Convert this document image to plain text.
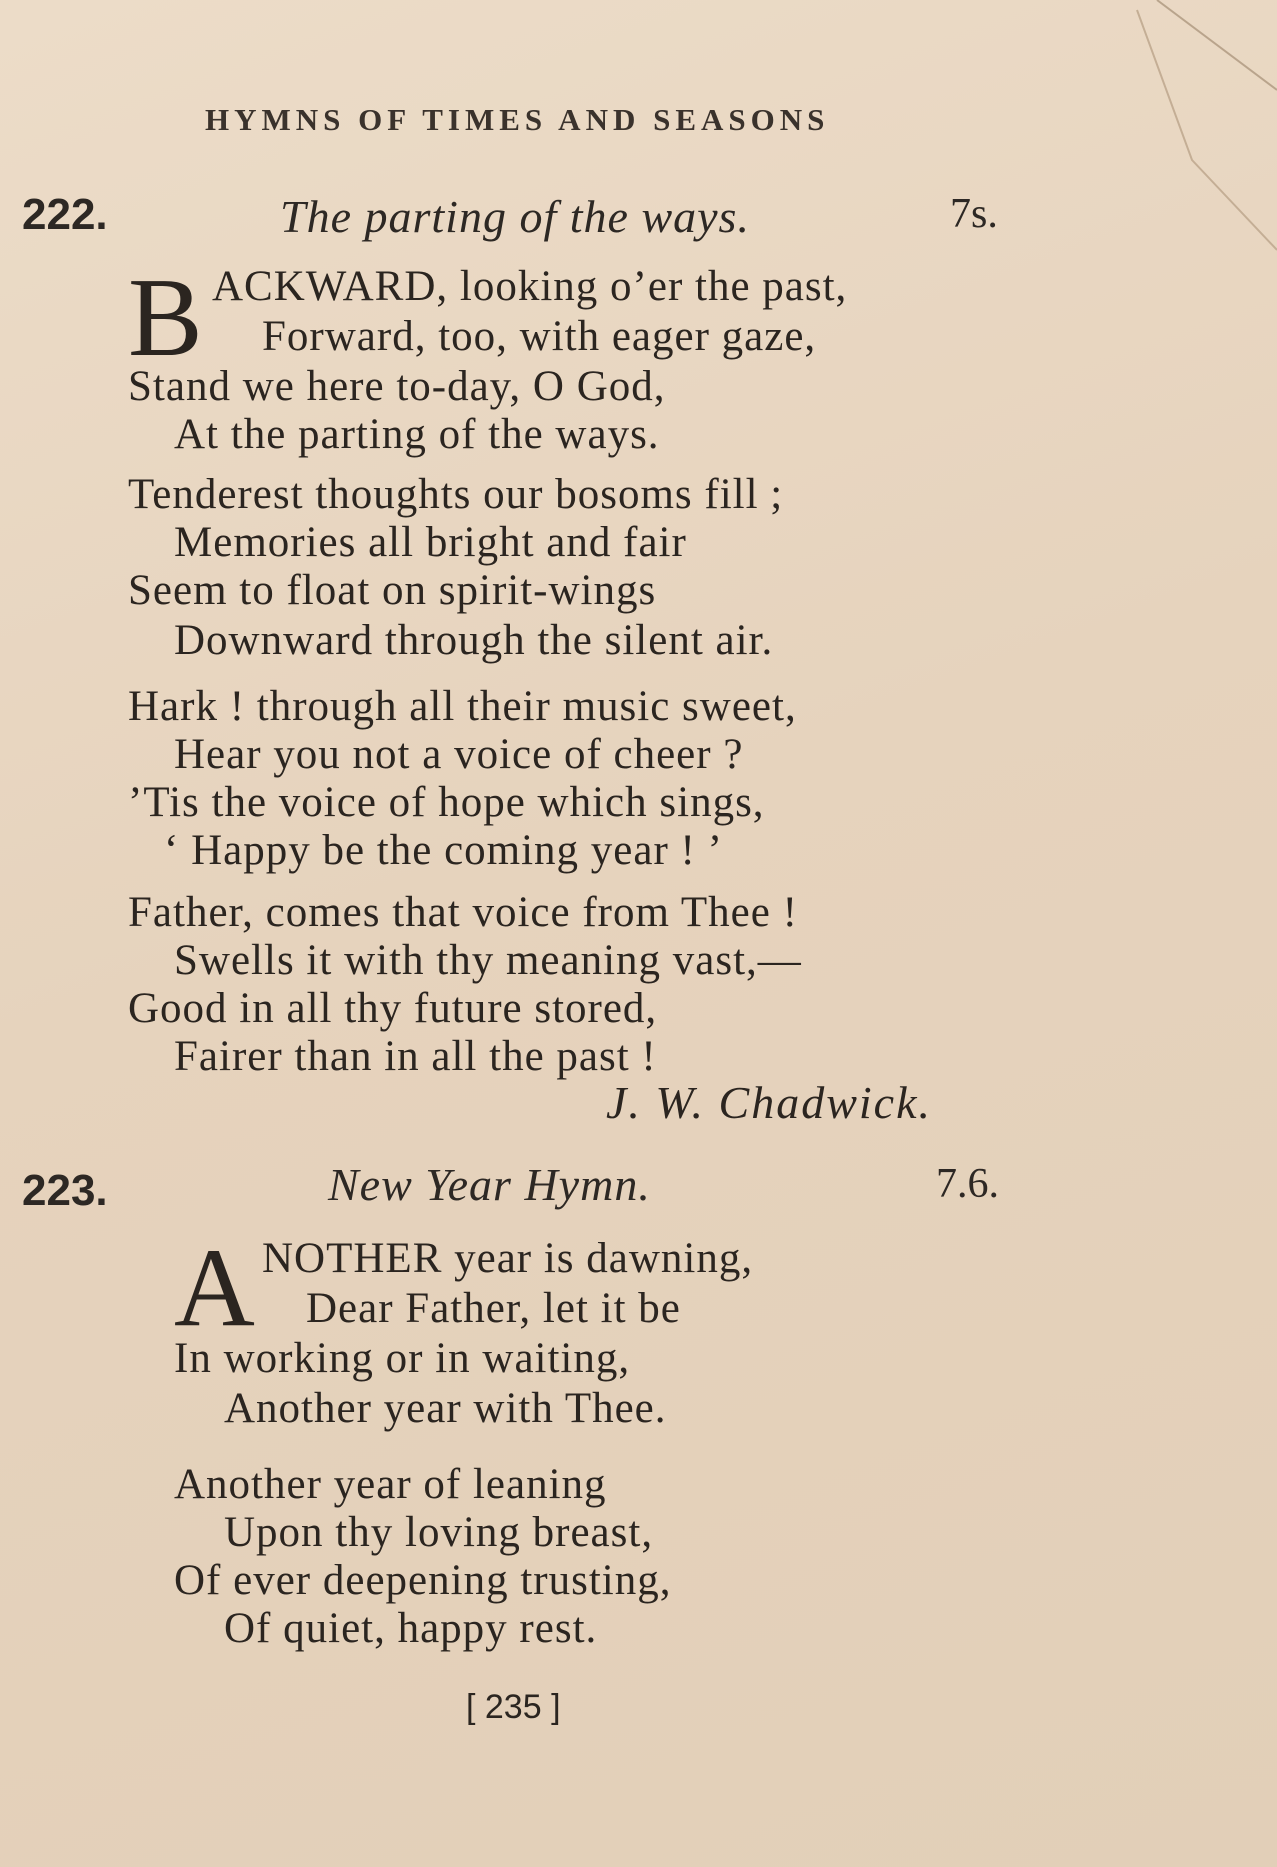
HYMNS OF TIMES AND SEASONS
222.	The parting of the ways.	7s.
B ACKWARD, looking o’er the past,
Forward, too, with eager gaze,
Stand we here to-day, O God,
At the parting of the ways.
Tenderest thoughts our bosoms fill ;
Memories all bright and fair
Seem to float on spirit-wings
Downward through the silent air.
Hark ! through all their music sweet,
Hear you not a voice of cheer ?
’Tis the voice of hope which sings,
‘ Happy be the coming year ! ’
Father, comes that voice from Thee !
Swells it with thy meaning vast,—
Good in all thy future stored,
Fairer than in all the past !
J. W. Chadwick.
223.	New Year Hymn.	7.6.
A NOTHER year is dawning,
Dear Father, let it be
In working or in waiting,
Another year with Thee.
Another year of leaning
Upon thy loving breast,
Of ever deepening trusting,
Of quiet, happy rest.
[ 235 ]
